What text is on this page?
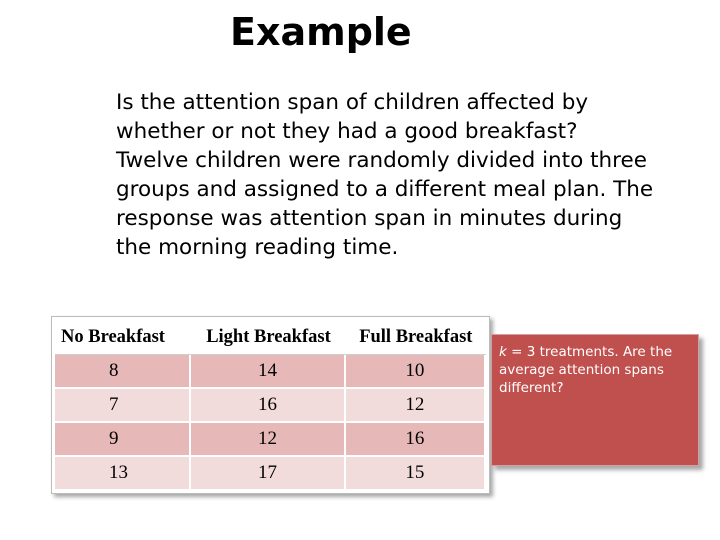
Example

Is the attention span of children affected by whether or not they had a good breakfast? Twelve children were randomly divided into three groups and assigned to a different meal plan. The response was attention span in minutes during the morning reading time.

No Breakfast	Light Breakfast	Full Breakfast
8	14	10
7	16	12
9	12	16
13	17	15

k = 3 treatments. Are the average attention spans different?
